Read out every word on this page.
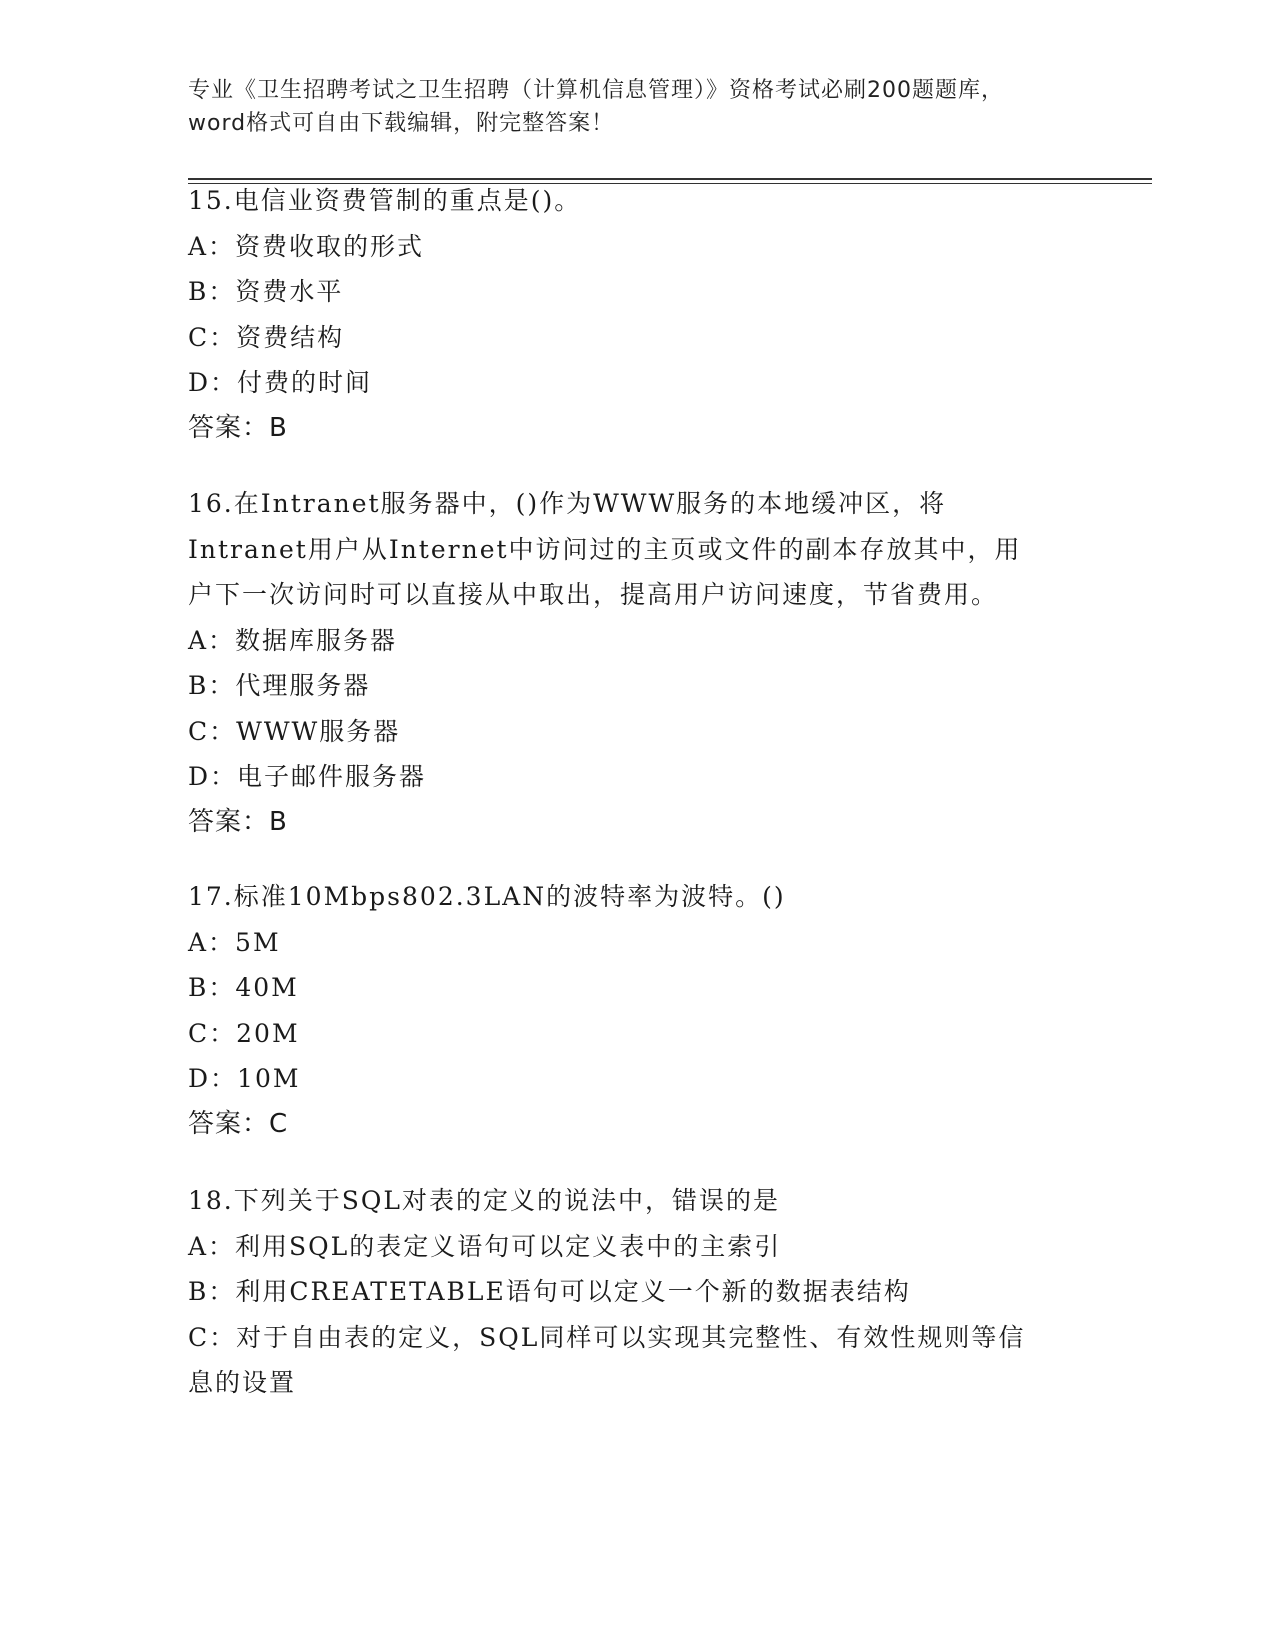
专业《卫生招聘考试之卫生招聘（计算机信息管理）》资格考试必刷200题题库，
word格式可自由下载编辑，附完整答案！
15.电信业资费管制的重点是()。
A：资费收取的形式
B：资费水平
C：资费结构
D：付费的时间
答案：B
16.在Intranet服务器中，()作为WWW服务的本地缓冲区，将
Intranet用户从Internet中访问过的主页或文件的副本存放其中，用
户下一次访问时可以直接从中取出，提高用户访问速度，节省费用。
A：数据库服务器
B：代理服务器
C：WWW服务器
D：电子邮件服务器
答案：B
17.标准10Mbps802.3LAN的波特率为波特。()
A：5M
B：40M
C：20M
D：10M
答案：C
18.下列关于SQL对表的定义的说法中，错误的是
A：利用SQL的表定义语句可以定义表中的主索引
B：利用CREATETABLE语句可以定义一个新的数据表结构
C：对于自由表的定义，SQL同样可以实现其完整性、有效性规则等信
息的设置
